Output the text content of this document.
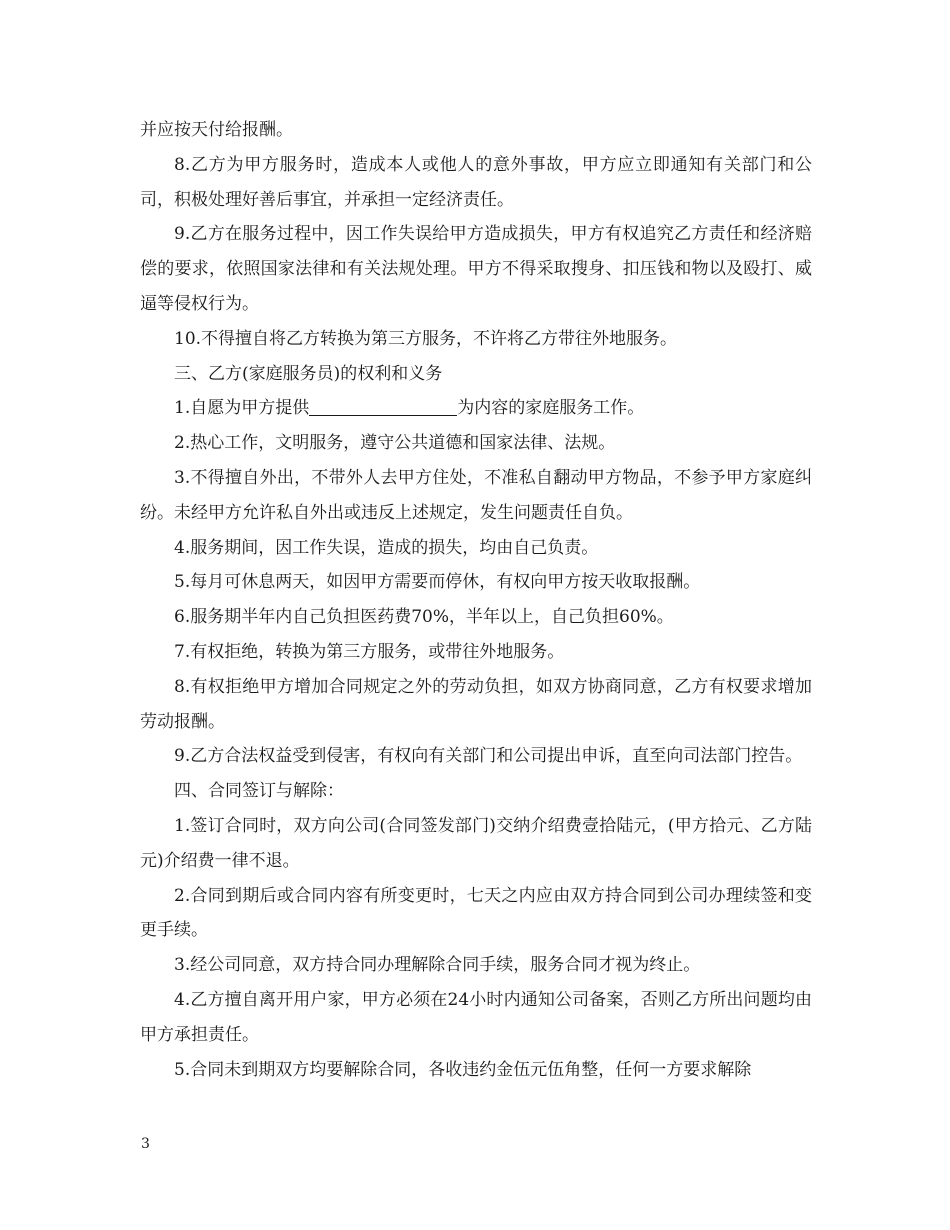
并应按天付给报酬。

8.乙方为甲方服务时，造成本人或他人的意外事故，甲方应立即通知有关部门和公司，积极处理好善后事宜，并承担一定经济责任。

9.乙方在服务过程中，因工作失误给甲方造成损失，甲方有权追究乙方责任和经济赔偿的要求，依照国家法律和有关法规处理。甲方不得采取搜身、扣压钱和物以及殴打、威逼等侵权行为。

10.不得擅自将乙方转换为第三方服务，不许将乙方带往外地服务。

三、乙方(家庭服务员)的权利和义务

1.自愿为甲方提供	为内容的家庭服务工作。

2.热心工作，文明服务，遵守公共道德和国家法律、法规。

3.不得擅自外出，不带外人去甲方住处，不准私自翻动甲方物品，不参予甲方家庭纠纷。未经甲方允许私自外出或违反上述规定，发生问题责任自负。

4.服务期间，因工作失误，造成的损失，均由自己负责。

5.每月可休息两天，如因甲方需要而停休，有权向甲方按天收取报酬。

6.服务期半年内自己负担医药费70%，半年以上，自己负担60%。

7.有权拒绝，转换为第三方服务，或带往外地服务。

8.有权拒绝甲方增加合同规定之外的劳动负担，如双方协商同意，乙方有权要求增加劳动报酬。

9.乙方合法权益受到侵害，有权向有关部门和公司提出申诉，直至向司法部门控告。

四、合同签订与解除：

1.签订合同时，双方向公司(合同签发部门)交纳介绍费壹拾陆元，(甲方拾元、乙方陆元)介绍费一律不退。

2.合同到期后或合同内容有所变更时，七天之内应由双方持合同到公司办理续签和变更手续。

3.经公司同意，双方持合同办理解除合同手续，服务合同才视为终止。

4.乙方擅自离开用户家，甲方必须在24小时内通知公司备案，否则乙方所出问题均由甲方承担责任。

5.合同未到期双方均要解除合同，各收违约金伍元伍角整，任何一方要求解除

3
